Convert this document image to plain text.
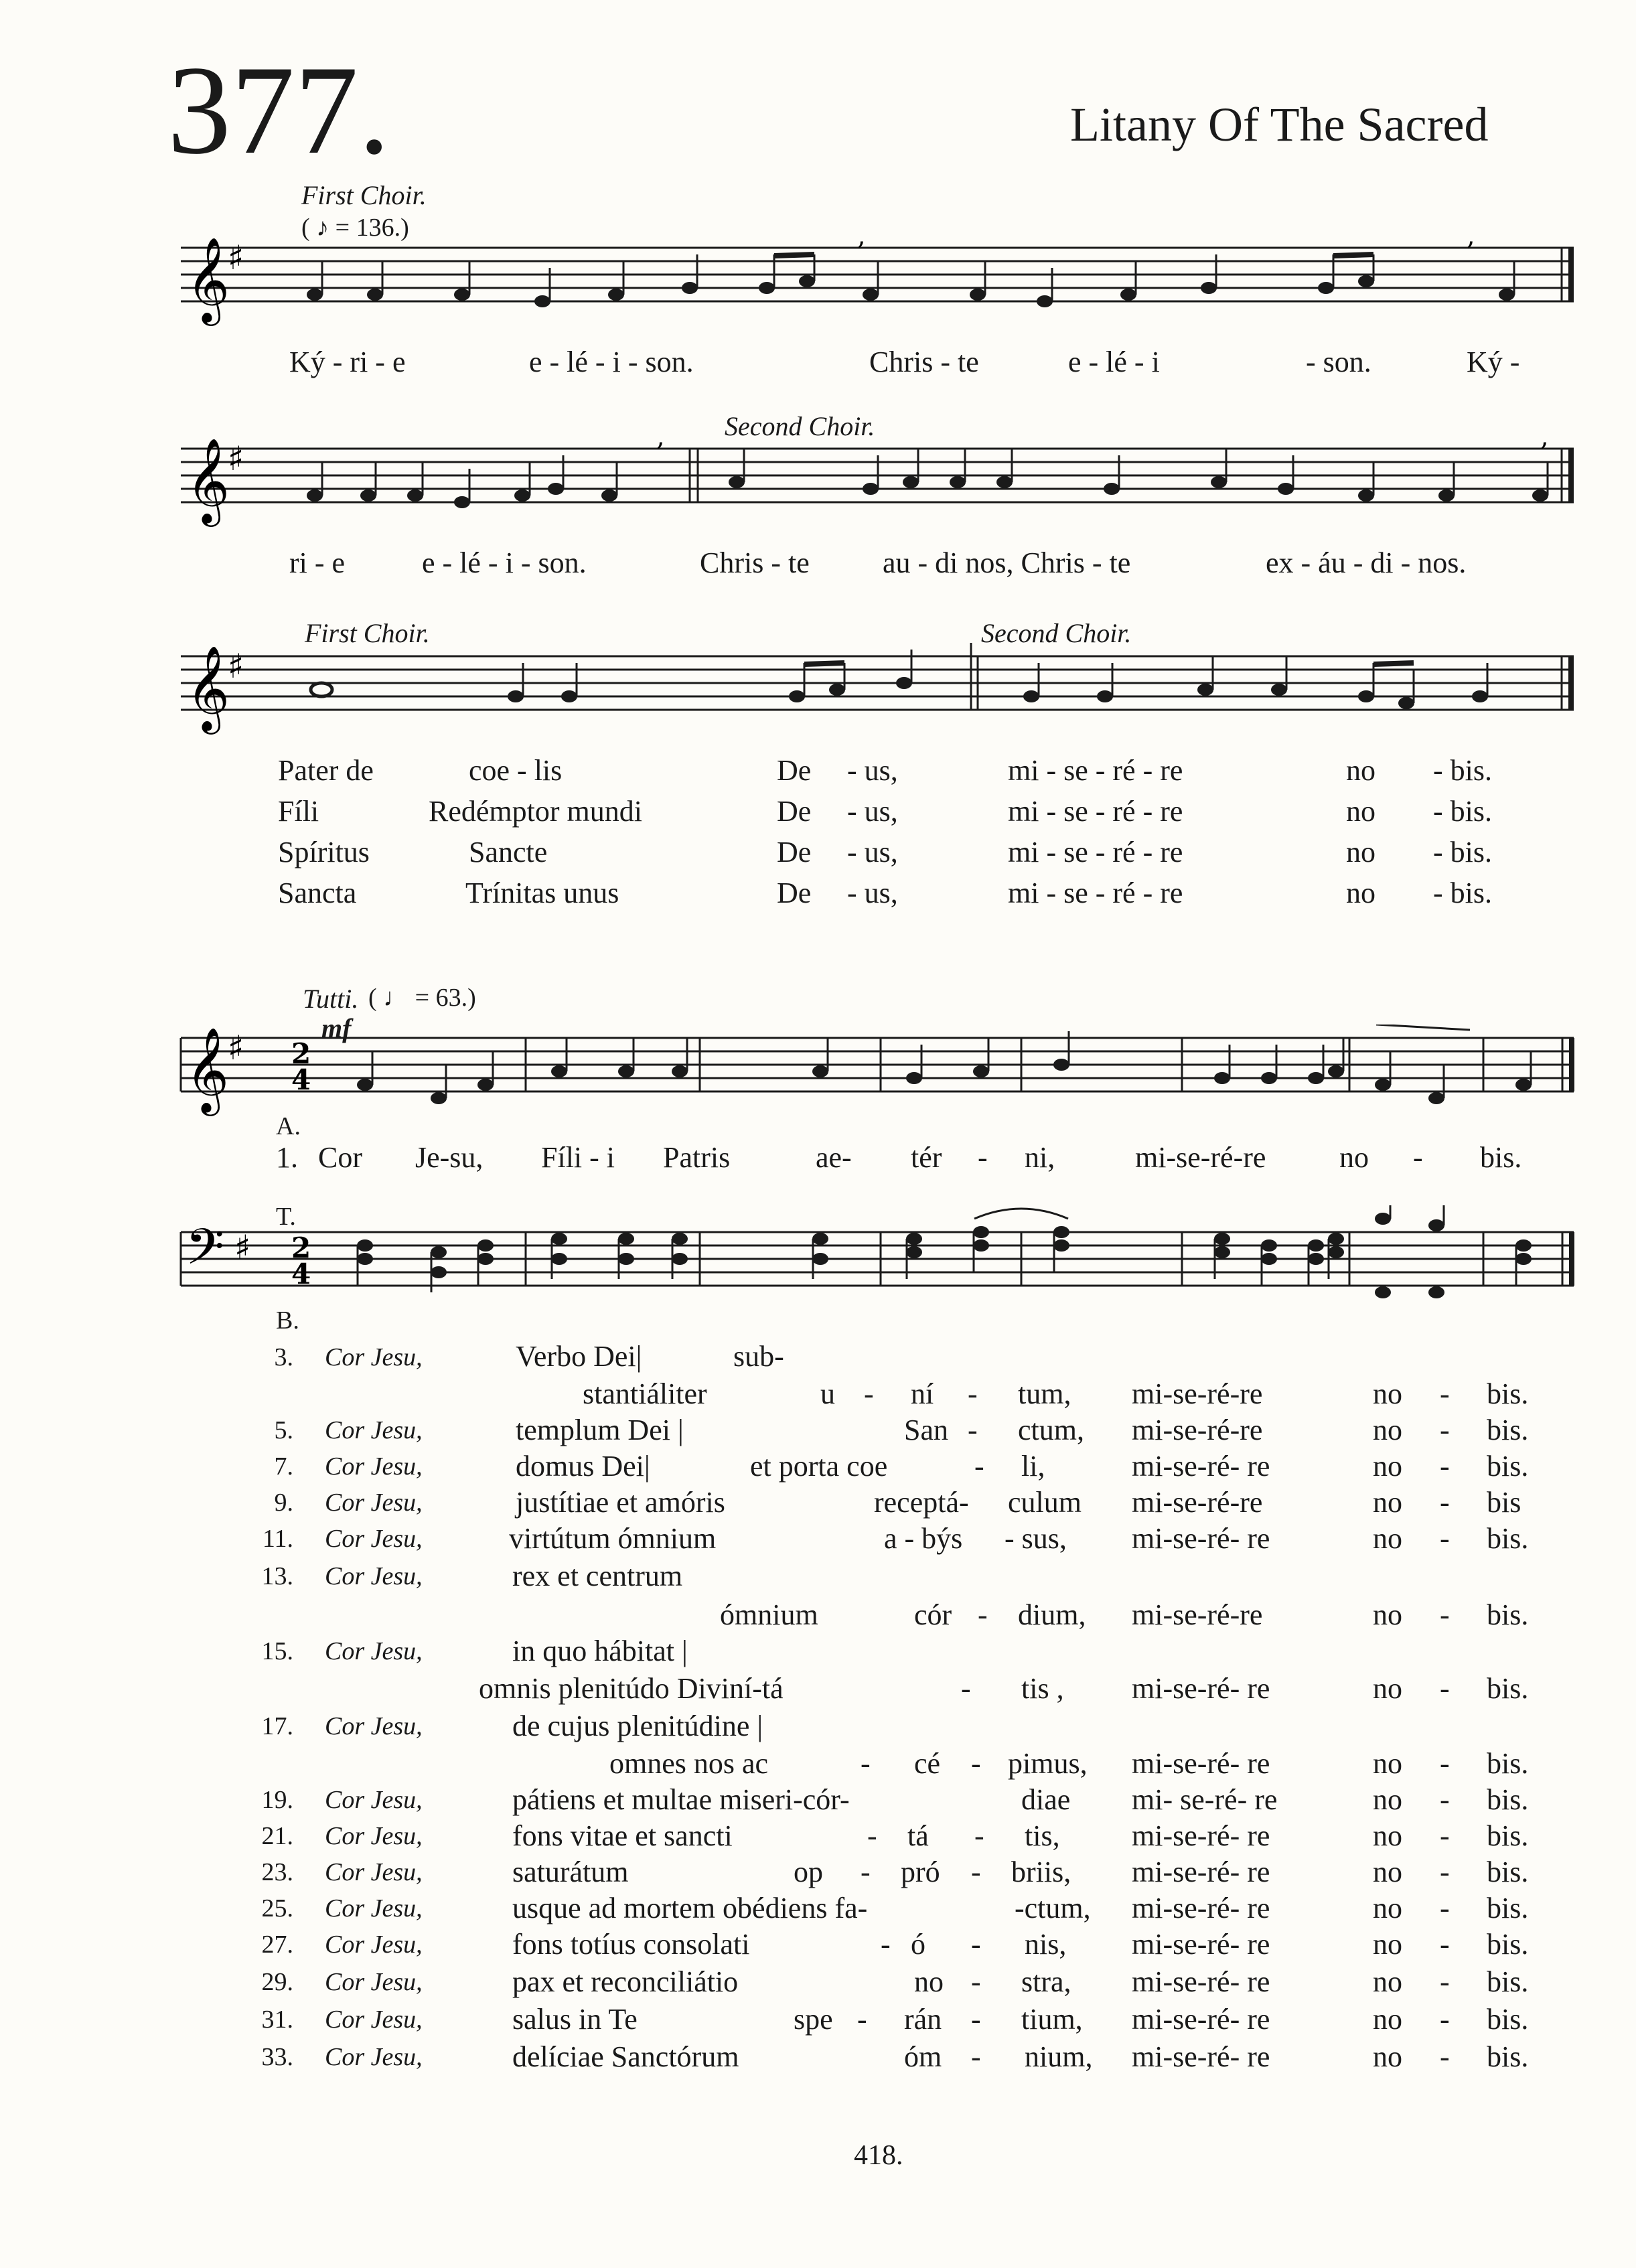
377.	Litany Of The Sacred
First Choir.
( ♪ = 136.)
𝄞
♯
,	,
Ký - ri - e	e - lé - i - son.	Chris - te	e - lé - i	- son.	Ký -
Second Choir.
𝄞
♯
,	,
ri - e	e - lé - i - son.	Chris - te au - di nos, Chris - te	ex - áu - di - nos.
First Choir.	Second Choir.
𝄞
♯
Pater de	coe - lis	De - us,	mi - se - ré - re	no - bis.
Fíli	Redémptor mundi	De - us,	mi - se - ré - re	no - bis.
Spíritus	Sancte	De - us,	mi - se - ré - re	no - bis.
Sancta	Trínitas unus	De - us,	mi - se - ré - re	no - bis.
Tutti. ( ♩ = 63.)
mf
𝄞
♯ 2
4
A.
1. Cor Je-su, Fíli - i Patris	ae- tér - ni,	mi-se-ré-re no - bis.
T.
𝄢 ♯ 2
4
B.
3. Cor Jesu,	Verbo Dei|	sub-
stantiáliter	u - ní - tum, mi-se-ré-re	no - bis.
5. Cor Jesu,	templum Dei |	San - ctum, mi-se-ré-re	no - bis.
7. Cor Jesu,	domus Dei|	et porta coe	- li,	mi-se-ré- re	no - bis.
9. Cor Jesu,	justítiae et amóris	receptá- culum mi-se-ré-re	no - bis
11. Cor Jesu,	virtútum ómnium	a - býs - sus, mi-se-ré- re	no - bis.
13. Cor Jesu,	rex et centrum
ómnium	cór - dium, mi-se-ré-re	no - bis.
15. Cor Jesu,	in quo hábitat |
omnis plenitúdo Diviní-tá	- tis , mi-se-ré- re	no - bis.
17. Cor Jesu,	de cujus plenitúdine |
omnes nos ac	- cé - pimus, mi-se-ré- re	no - bis.
19. Cor Jesu,	pátiens et multae miseri-cór-	diae mi- se-ré- re	no - bis.
21. Cor Jesu,	fons vitae et sancti	- tá - tis, mi-se-ré- re	no - bis.
23. Cor Jesu,	saturátum	op - pró - briis, mi-se-ré- re	no - bis.
25. Cor Jesu,	usque ad mortem obédiens fa-	-ctum, mi-se-ré- re	no - bis.
27. Cor Jesu,	fons totíus consolati	- ó - nis, mi-se-ré- re	no - bis.
29. Cor Jesu,	pax et reconciliátio	no - stra, mi-se-ré- re	no - bis.
31. Cor Jesu,	salus in Te	spe - rán - tium, mi-se-ré- re	no - bis.
33. Cor Jesu,	delíciae Sanctórum	óm - nium, mi-se-ré- re	no - bis.
418.
